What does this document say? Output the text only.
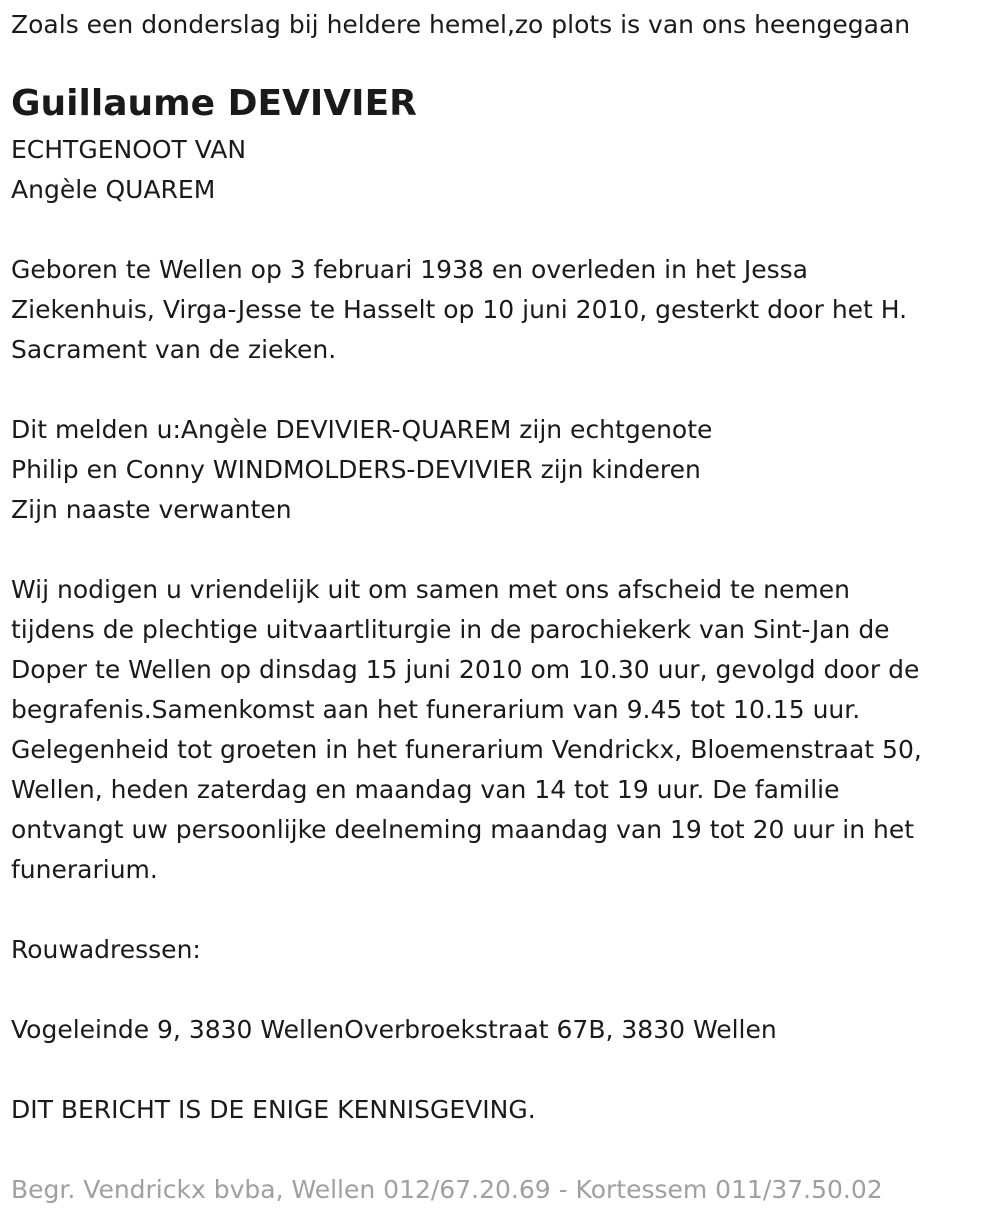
Zoals een donderslag bij heldere hemel,zo plots is van ons heengegaan
Guillaume DEVIVIER
ECHTGENOOT VAN
Angèle QUAREM
Geboren te Wellen op 3 februari 1938 en overleden in het Jessa
Ziekenhuis, Virga-Jesse te Hasselt op 10 juni 2010, gesterkt door het H.
Sacrament van de zieken.
Dit melden u:Angèle DEVIVIER-QUAREM zijn echtgenote
Philip en Conny WINDMOLDERS-DEVIVIER zijn kinderen
Zijn naaste verwanten
Wij nodigen u vriendelijk uit om samen met ons afscheid te nemen
tijdens de plechtige uitvaartliturgie in de parochiekerk van Sint-Jan de
Doper te Wellen op dinsdag 15 juni 2010 om 10.30 uur, gevolgd door de
begrafenis.Samenkomst aan het funerarium van 9.45 tot 10.15 uur.
Gelegenheid tot groeten in het funerarium Vendrickx, Bloemenstraat 50,
Wellen, heden zaterdag en maandag van 14 tot 19 uur. De familie
ontvangt uw persoonlijke deelneming maandag van 19 tot 20 uur in het
funerarium.
Rouwadressen:
Vogeleinde 9, 3830 WellenOverbroekstraat 67B, 3830 Wellen
DIT BERICHT IS DE ENIGE KENNISGEVING.
Begr. Vendrickx bvba, Wellen 012/67.20.69 - Kortessem 011/37.50.02
